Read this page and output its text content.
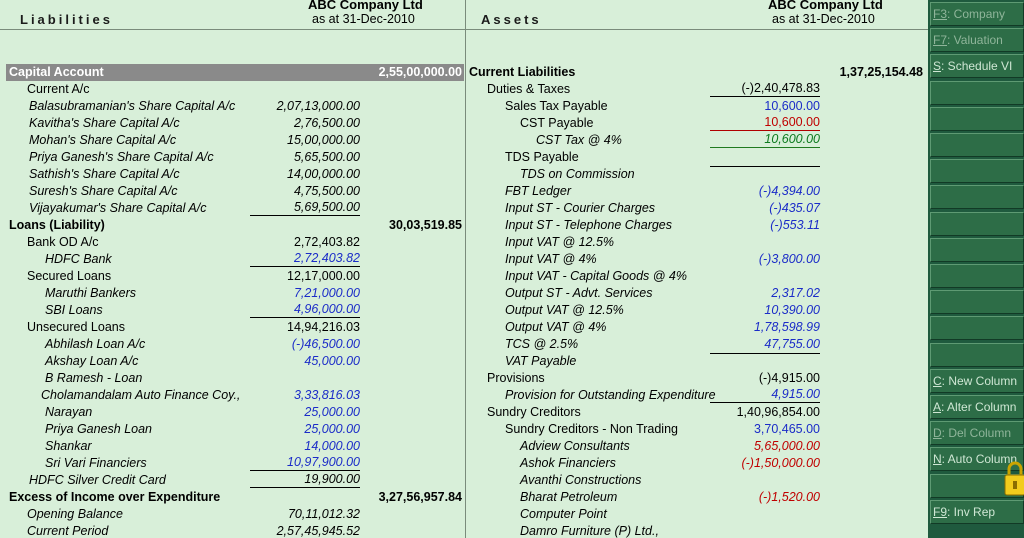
Liabilities
ABC Company Ltd
as at 31-Dec-2010	Assets
ABC Company Ltd
as at 31-Dec-2010
Capital Account	2,55,00,000.00
Current A/c
Balasubramanian's Share Capital A/c	2,07,13,000.00
Kavitha's Share Capital A/c	2,76,500.00
Mohan's Share Capital A/c	15,00,000.00
Priya Ganesh's Share Capital A/c	5,65,500.00
Sathish's Share Capital A/c	14,00,000.00
Suresh's Share Capital A/c	4,75,500.00
Vijayakumar's Share Capital A/c	5,69,500.00
Loans (Liability)	30,03,519.85
Bank OD A/c	2,72,403.82
HDFC Bank	2,72,403.82
Secured Loans	12,17,000.00
Maruthi Bankers	7,21,000.00
SBI Loans	4,96,000.00
Unsecured Loans	14,94,216.03
Abhilash Loan A/c	(-)46,500.00
Akshay Loan A/c	45,000.00
B Ramesh - Loan
Cholamandalam Auto Finance Coy.,	3,33,816.03
Narayan	25,000.00
Priya Ganesh Loan	25,000.00
Shankar	14,000.00
Sri Vari Financiers	10,97,900.00
HDFC Silver Credit Card	19,900.00
Excess of Income over Expenditure	3,27,56,957.84
Opening Balance	70,11,012.32
Current Period	2,57,45,945.52
Current Liabilities	1,37,25,154.48
Duties & Taxes	(-)2,40,478.83
Sales Tax Payable	10,600.00
CST Payable	10,600.00
CST Tax @ 4%	10,600.00
TDS Payable
TDS on Commission
FBT Ledger	(-)4,394.00
Input ST - Courier Charges	(-)435.07
Input ST - Telephone Charges	(-)553.11
Input VAT @ 12.5%
Input VAT @ 4%	(-)3,800.00
Input VAT - Capital Goods @ 4%
Output ST - Advt. Services	2,317.02
Output VAT @ 12.5%	10,390.00
Output VAT @ 4%	1,78,598.99
TCS @ 2.5%	47,755.00
VAT Payable
Provisions	(-)4,915.00
Provision for Outstanding Expenditure	4,915.00
Sundry Creditors	1,40,96,854.00
Sundry Creditors - Non Trading	3,70,465.00
Adview Consultants	5,65,000.00
Ashok Financiers	(-)1,50,000.00
Avanthi Constructions
Bharat Petroleum	(-)1,520.00
Computer Point
Damro Furniture (P) Ltd.,
F3: Company
F7: Valuation
S: Schedule VI
C: New Column
A: Alter Column
D: Del Column
N: Auto Column
F9: Inv Rep
